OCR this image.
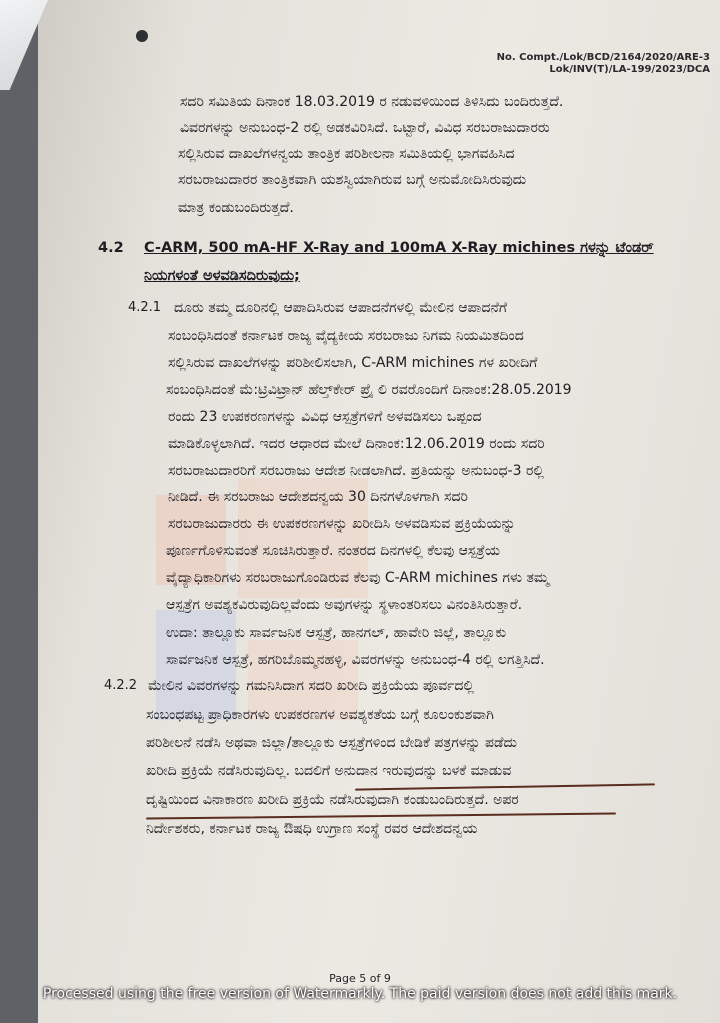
No. Compt./Lok/BCD/2164/2020/ARE-3
Lok/INV(T)/LA-199/2023/DCA
ಸದರಿ ಸಮಿತಿಯ ದಿನಾಂಕ 18.03.2019 ರ ನಡುವಳಿಯಿಂದ ತಿಳಿಸಿದು ಬಂದಿರುತ್ತದೆ.
ವಿವರಗಳನ್ನು ಅನುಬಂಧ-2 ರಲ್ಲಿ ಅಡಕವಿರಿಸಿದೆ. ಒಟ್ಟಾರೆ, ವಿವಿಧ ಸರಬರಾಜುದಾರರು
ಸಲ್ಲಿಸಿರುವ ದಾಖಲೆಗಳನ್ವಯ ತಾಂತ್ರಿಕ ಪರಿಶೀಲನಾ ಸಮಿತಿಯಲ್ಲಿ ಭಾಗವಹಿಸಿದ
ಸರಬರಾಜುದಾರರ ತಾಂತ್ರಿಕವಾಗಿ ಯಶಸ್ವಿಯಾಗಿರುವ ಬಗ್ಗೆ ಅನುಮೋದಿಸಿರುವುದು
ಮಾತ್ರ ಕಂಡುಬಂದಿರುತ್ತದೆ.
4.2 C-ARM, 500 mA-HF X-Ray and 100mA X-Ray michines ಗಳನ್ನು ಟೆಂಡರ್
ನಿಯಗಳಂತೆ ಅಳವಡಿಸದಿರುವುದು;
4.2.1 ದೂರು ತಮ್ಮ ದೂರಿನಲ್ಲಿ ಆಪಾದಿಸಿರುವ ಆಪಾದನೆಗಳಲ್ಲಿ ಮೇಲಿನ ಆಪಾದನೆಗೆ
ಸಂಬಂಧಿಸಿದಂತೆ ಕರ್ನಾಟಕ ರಾಜ್ಯ ವೈದ್ಯಕೀಯ ಸರಬರಾಜು ನಿಗಮ ನಿಯಮಿತದಿಂದ
ಸಲ್ಲಿಸಿರುವ ದಾಖಲೆಗಳನ್ನು ಪರಿಶೀಲಿಸಲಾಗಿ, C-ARM michines ಗಳ ಖರೀದಿಗೆ
ಸಂಬಂಧಿಸಿದಂತೆ ಮೆ:ಟ್ರಿವಿಟ್ರಾನ್ ಹೆಲ್ತ್‌ಕೇರ್ ಪ್ರೈ ಲಿ ರವರೊಂದಿಗೆ ದಿನಾಂಕ:28.05.2019
ರಂದು 23 ಉಪಕರಣಗಳನ್ನು ವಿವಿಧ ಆಸ್ಪತ್ರೆಗಳಿಗೆ ಅಳವಡಿಸಲು ಒಪ್ಪಂದ
ಮಾಡಿಕೊಳ್ಳಲಾಗಿದೆ. ಇದರ ಆಧಾರದ ಮೇಲೆ ದಿನಾಂಕ:12.06.2019 ರಂದು ಸದರಿ
ಸರಬರಾಜುದಾರರಿಗೆ ಸರಬರಾಜು ಆದೇಶ ನೀಡಲಾಗಿದೆ. ಪ್ರತಿಯನ್ನು ಅನುಬಂಧ-3 ರಲ್ಲಿ
ನೀಡಿದೆ. ಈ ಸರಬರಾಜು ಆದೇಶದನ್ವಯ 30 ದಿನಗಳೊಳಗಾಗಿ ಸದರಿ
ಸರಬರಾಜುದಾರರು ಈ ಉಪಕರಣಗಳನ್ನು ಖರೀದಿಸಿ ಅಳವಡಿಸುವ ಪ್ರಕ್ರಿಯೆಯನ್ನು
ಪೂರ್ಣಗೊಳಿಸುವಂತೆ ಸೂಚಿಸಿರುತ್ತಾರೆ. ನಂತರದ ದಿನಗಳಲ್ಲಿ ಕೆಲವು ಆಸ್ಪತ್ರೆಯ
ವೈದ್ಯಾಧಿಕಾರಿಗಳು ಸರಬರಾಜುಗೊಂಡಿರುವ ಕೆಲವು C-ARM michines ಗಳು ತಮ್ಮ
ಆಸ್ಪತ್ರೆಗ ಅವಶ್ಯಕವಿರುವುದಿಲ್ಲವೆಂದು ಅವುಗಳನ್ನು ಸ್ಥಳಾಂತರಿಸಲು ವಿನಂತಿಸಿರುತ್ತಾರೆ.
ಉದಾ: ತಾಲ್ಲೂಕು ಸಾರ್ವಜನಿಕ ಆಸ್ಪತ್ರೆ, ಹಾನಗಲ್, ಹಾವೇರಿ ಜಿಲ್ಲೆ, ತಾಲ್ಲೂಕು
ಸಾರ್ವಜನಿಕ ಆಸ್ಪತ್ರೆ, ಹಗರಿಬೊಮ್ಮನಹಳ್ಳಿ, ವಿವರಗಳನ್ನು ಅನುಬಂಧ-4 ರಲ್ಲಿ ಲಗತ್ತಿಸಿದೆ.
4.2.2 ಮೇಲಿನ ವಿವರಗಳನ್ನು ಗಮನಿಸಿದಾಗ ಸದರಿ ಖರೀದಿ ಪ್ರಕ್ರಿಯೆಯ ಪೂರ್ವದಲ್ಲಿ
ಸಂಬಂಧಪಟ್ಟ ಪ್ರಾಧಿಕಾರಗಳು ಉಪಕರಣಗಳ ಅವಶ್ಯಕತೆಯ ಬಗ್ಗೆ ಕೂಲಂಕುಶವಾಗಿ
ಪರಿಶೀಲನೆ ನಡೆಸಿ ಅಥವಾ ಜಿಲ್ಲಾ/ತಾಲ್ಲೂಕು ಆಸ್ಪತ್ರೆಗಳಿಂದ ಬೇಡಿಕೆ ಪತ್ರಗಳನ್ನು ಪಡೆದು
ಖರೀದಿ ಪ್ರಕ್ರಿಯೆ ನಡೆಸಿರುವುದಿಲ್ಲ. ಬದಲಿಗೆ ಅನುದಾನ ಇರುವುದನ್ನು ಬಳಕೆ ಮಾಡುವ
ದೃಷ್ಟಿಯಿಂದ ವಿನಾಕಾರಣ ಖರೀದಿ ಪ್ರಕ್ರಿಯೆ ನಡೆಸಿರುವುದಾಗಿ ಕಂಡುಬಂದಿರುತ್ತದೆ. ಅಪರ
ನಿರ್ದೇಶಕರು, ಕರ್ನಾಟಕ ರಾಜ್ಯ ಔಷಧಿ ಉಗ್ರಾಣ ಸಂಸ್ಥೆ ರವರ ಆದೇಶದನ್ವಯ
Page 5 of 9
Processed using the free version of Watermarkly. The paid version does not add this mark.
